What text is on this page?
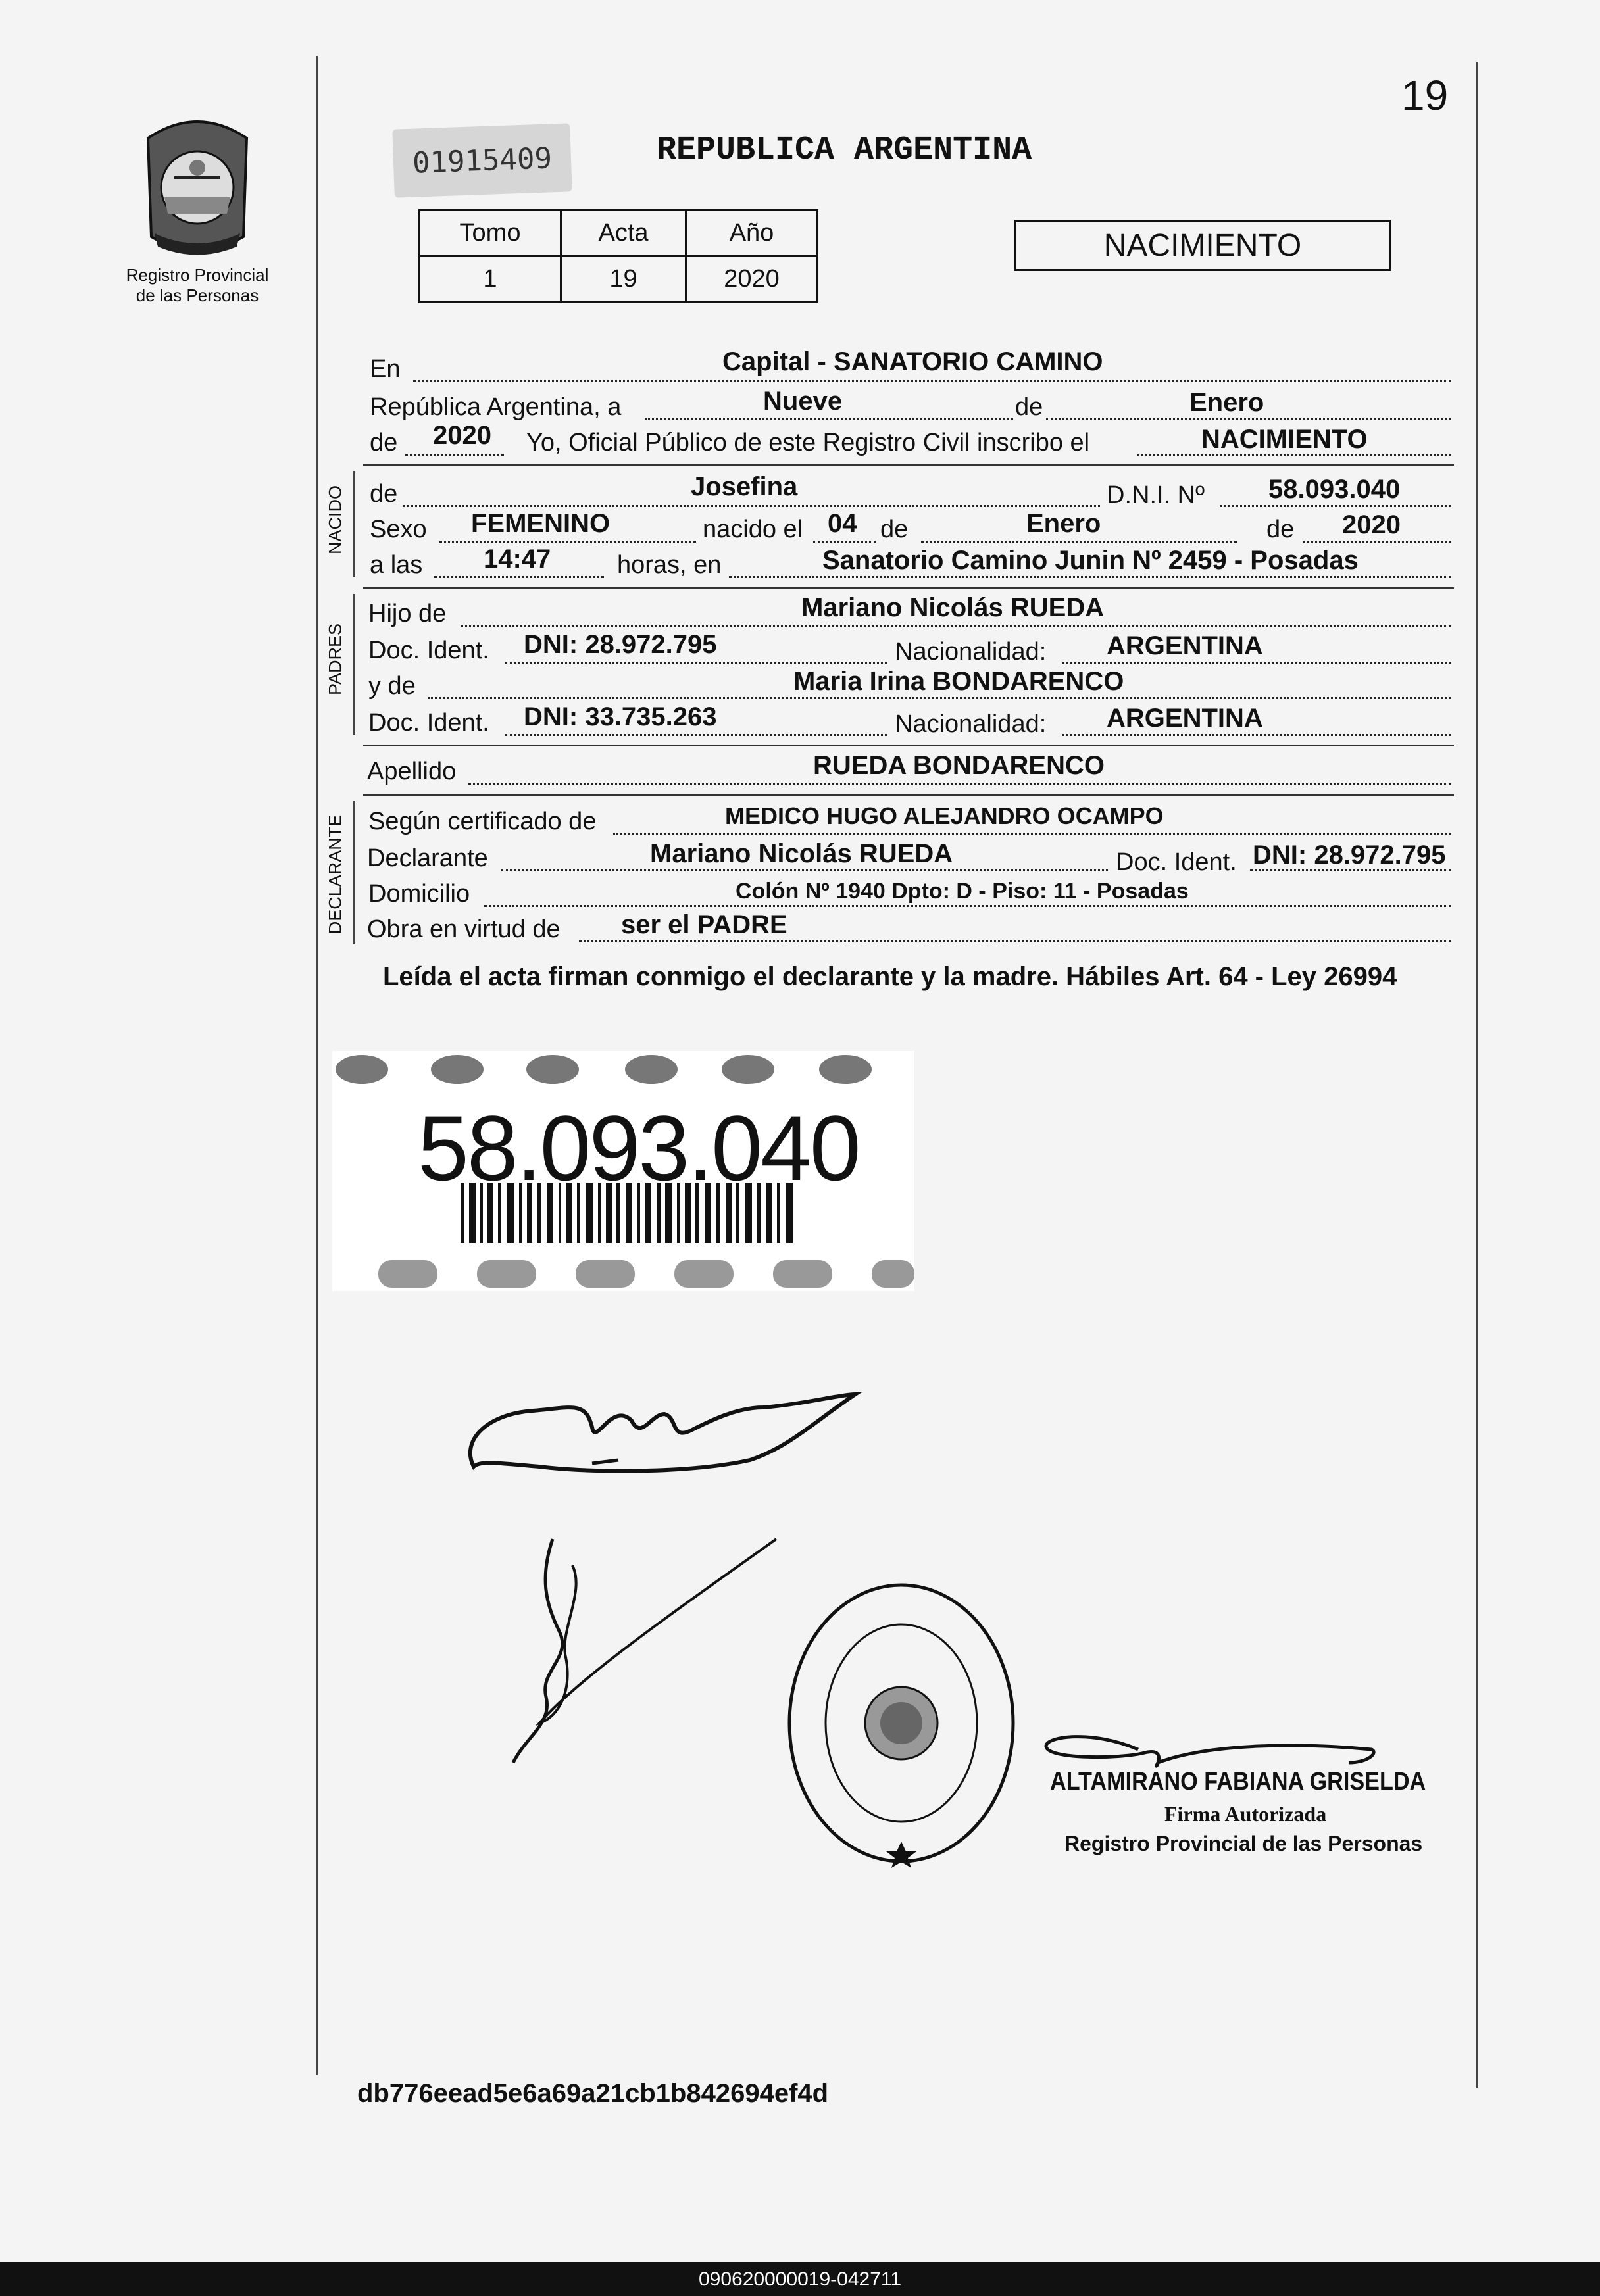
19
Registro Provincial
de las Personas
01915409	REPUBLICA ARGENTINA
Tomo	Acta	Año
1	19	2020
NACIMIENTO
En	Capital - SANATORIO CAMINO
República Argentina, a	Nueve	de	Enero
de 2020 Yo, Oficial Público de este Registro Civil inscribo el	NACIMIENTO
NACIDO de	Josefina	D.N.I. Nº 58.093.040
Sexo FEMENINO	nacido el 04 de	Enero	de 2020
a las 14:47	horas, en	Sanatorio Camino Junin Nº 2459 - Posadas
PADRES
Hijo de	Mariano Nicolás RUEDA
Doc. Ident. DNI: 28.972.795	Nacionalidad: ARGENTINA
y de	Maria Irina BONDARENCO
Doc. Ident. DNI: 33.735.263	Nacionalidad: ARGENTINA
Apellido	RUEDA BONDARENCO
DECLARANTE Según certificado de	MEDICO HUGO ALEJANDRO OCAMPO
Declarante	Mariano Nicolás RUEDA	Doc. Ident. DNI: 28.972.795
Domicilio	Colón Nº 1940 Dpto: D - Piso: 11 - Posadas
Obra en virtud de ser el PADRE
Leída el acta firman conmigo el declarante y la madre. Hábiles Art. 64 - Ley 26994
58.093.040
ALTAMIRANO FABIANA GRISELDA
Firma Autorizada
Registro Provincial de las Personas
db776eead5e6a69a21cb1b842694ef4d
090620000019-042711
